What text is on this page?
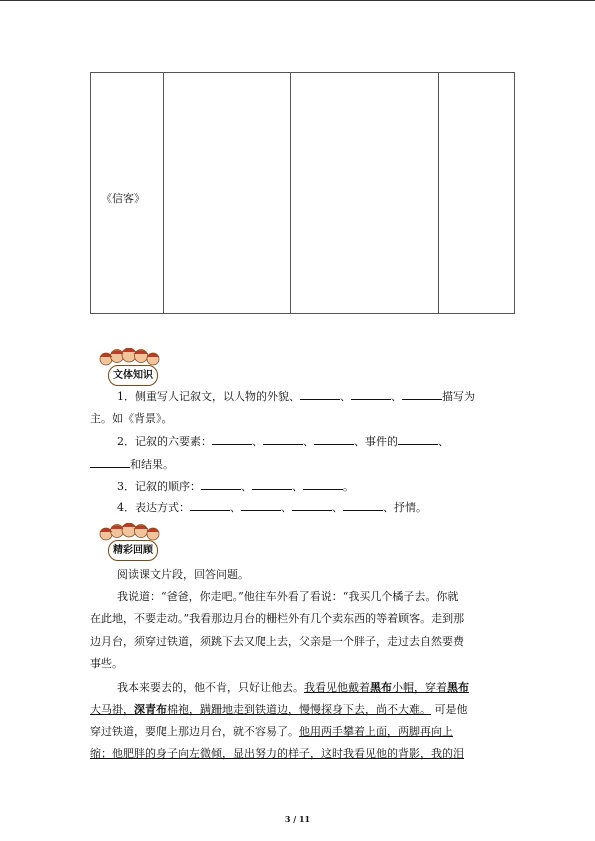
《信客》
文体知识
1．侧重写人记叙文，以人物的外貌、	、	、	描写为
主。如《背景》。
2．记叙的六要素：	、	、	、事件的	、
和结果。
3．记叙的顺序：	、	、	。
4．表达方式：	、	、	、	、抒情。
精彩回顾
阅读课文片段，回答问题。
我说道：“爸爸，你走吧。”他往车外看了看说：“我买几个橘子去。你就
在此地，不要走动。”我看那边月台的栅栏外有几个卖东西的等着顾客。走到那
边月台，须穿过铁道，须跳下去又爬上去，父亲是一个胖子，走过去自然要费
事些。
我本来要去的，他不肯，只好让他去。我看见他戴着黑布小帽，穿着黑布
大马褂，深青布棉袍，蹒跚地走到铁道边，慢慢探身下去，尚不大难。 可是他
穿过铁道，要爬上那边月台，就不容易了。他用两手攀着上面，两脚再向上
缩；他肥胖的身子向左微倾，显出努力的样子，这时我看见他的背影，我的泪
3 / 11
